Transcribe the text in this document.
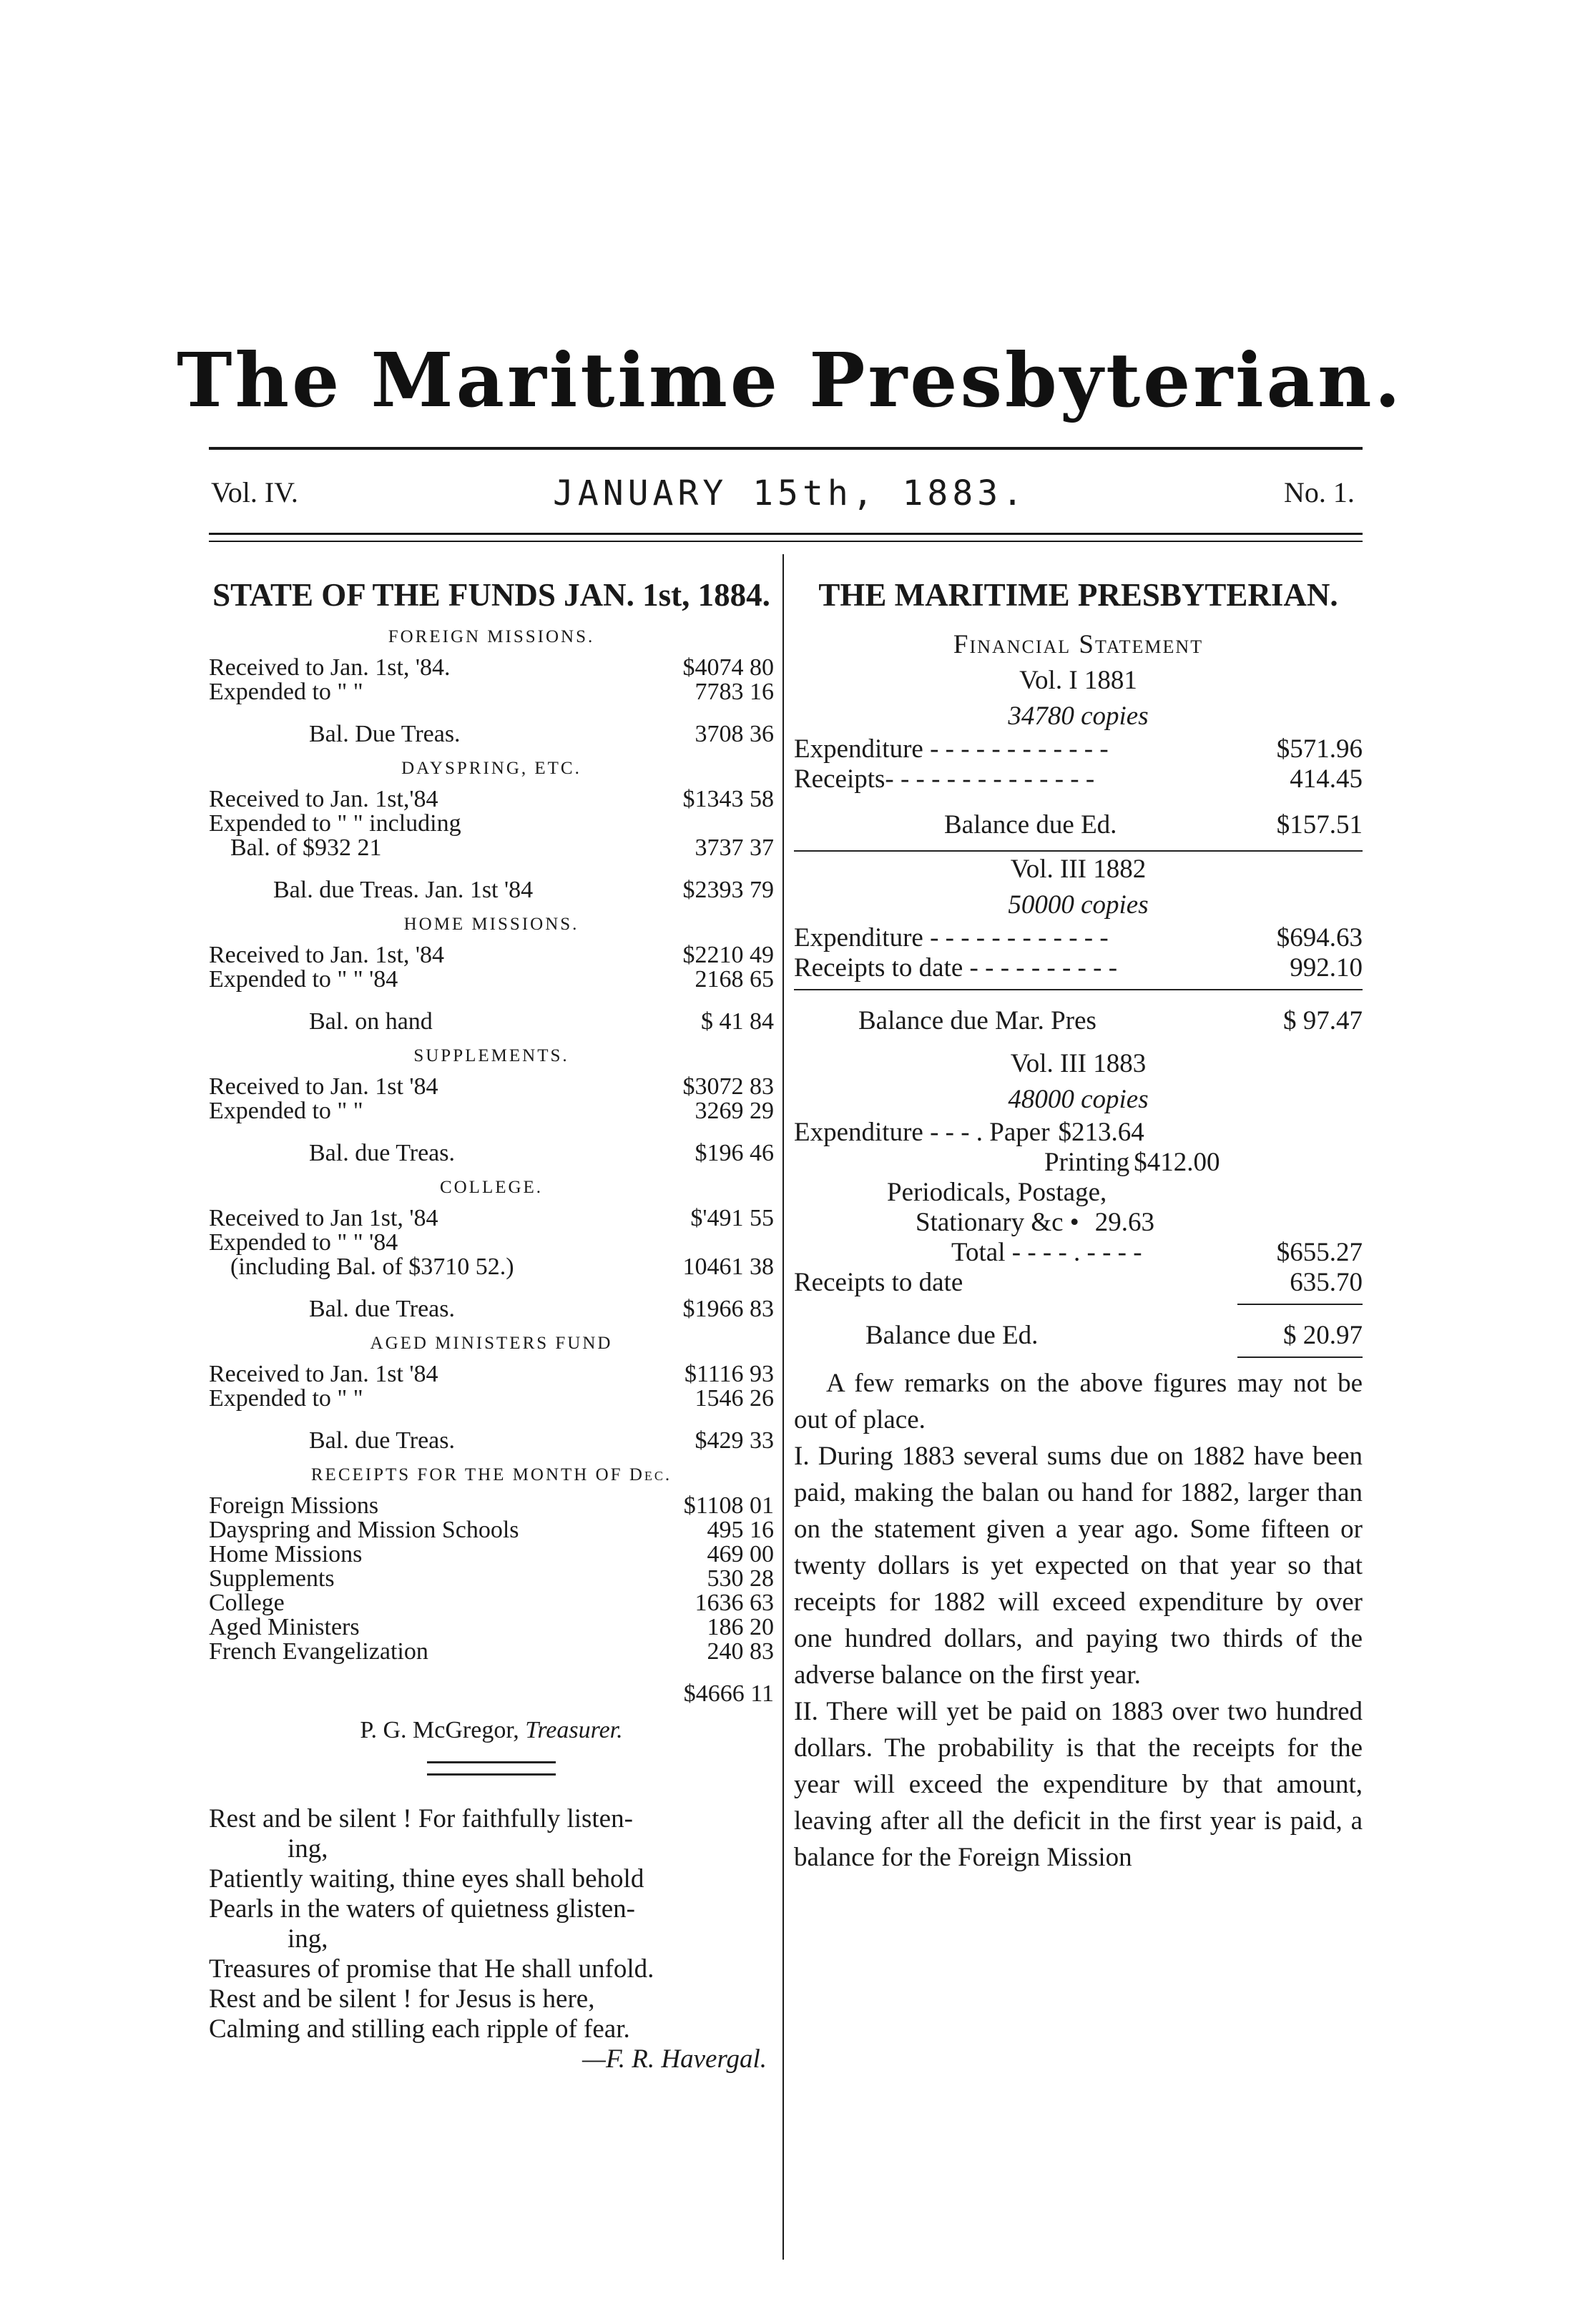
The Maritime Presbyterian.
Vol. IV.	JANUARY 15th, 1883.	No. 1.
STATE OF THE FUNDS JAN. 1st, 1884.
FOREIGN MISSIONS.
Received to Jan. 1st, '84.	$4074 80
Expended to " "	7783 16
Bal. Due Treas.	3708 36
DAYSPRING, ETC.
Received to Jan. 1st,'84	$1343 58
Expended to " " including
Bal. of $932 21	3737 37
Bal. due Treas. Jan. 1st '84	$2393 79
HOME MISSIONS.
Received to Jan. 1st, '84	$2210 49
Expended to " " '84	2168 65
Bal. on hand	$ 41 84
SUPPLEMENTS.
Received to Jan. 1st '84	$3072 83
Expended to " "	3269 29
Bal. due Treas.	$196 46
COLLEGE.
Received to Jan 1st, '84	$'491 55
Expended to " " '84
(including Bal. of $3710 52.)	10461 38
Bal. due Treas.	$1966 83
AGED MINISTERS FUND
Received to Jan. 1st '84	$1116 93
Expended to " "	1546 26
Bal. due Treas.	$429 33
RECEIPTS FOR THE MONTH OF Dec.
Foreign Missions	$1108 01
Dayspring and Mission Schools	495 16
Home Missions	469 00
Supplements	530 28
College	1636 63
Aged Ministers	186 20
French Evangelization	240 83
$4666 11
P. G. McGregor, Treasurer.
Rest and be silent ! For faithfully listen-
ing,
Patiently waiting, thine eyes shall behold
Pearls in the waters of quietness glisten-
ing,
Treasures of promise that He shall unfold.
Rest and be silent ! for Jesus is here,
Calming and stilling each ripple of fear.
—F. R. Havergal.
THE MARITIME PRESBYTERIAN.
Financial Statement
Vol. I 1881
34780 copies
Expenditure - - - - - - - - - - - -	$571.96
Receipts- - - - - - - - - - - - - -	414.45
Balance due Ed.	$157.51
Vol. III 1882
50000 copies
Expenditure - - - - - - - - - - - -	$694.63
Receipts to date - - - - - - - - - -	992.10
Balance due Mar. Pres	$ 97.47
Vol. III 1883
48000 copies
Expenditure - - - . Paper $213.64
Printing $412.00
Periodicals, Postage,
Stationary &c • 29.63
Total - - - - . - - - -	$655.27
Receipts to date	635.70
Balance due Ed.	$ 20.97

A few remarks on the above figures may not be out of place.

I. During 1883 several sums due on 1882 have been paid, making the balan ou hand for 1882, larger than on the statement given a year ago. Some fifteen or twenty dollars is yet expected on that year so that receipts for 1882 will exceed expenditure by over one hundred dollars, and paying two thirds of the adverse balance on the first year.

II. There will yet be paid on 1883 over two hundred dollars. The probability is that the receipts for the year will exceed the expenditure by that amount, leaving after all the deficit in the first year is paid, a balance for the Foreign Mission
